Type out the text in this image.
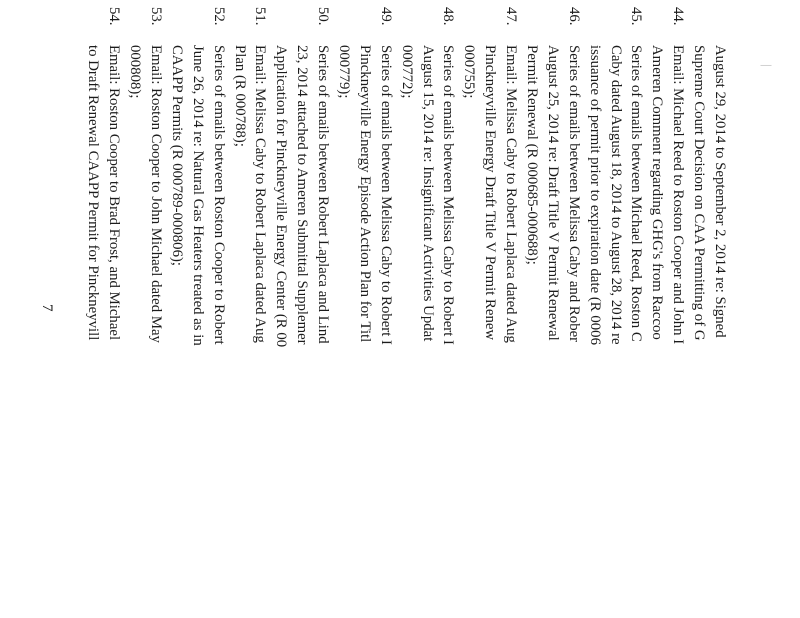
|
August 29, 2014 to September 2, 2014 re: Signed
Supreme Court Decision on CAA Permitting of G
44.
Email: Michael Reed to Roston Cooper and John I
Ameren Comment regarding GHG's from Raccoo
45.
Series of emails between Michael Reed, Roston C
Caby dated August 18, 2014 to August 28, 2014 re
issuance of permit prior to expiration date (R 0006
46.
Series of emails between Melissa Caby and Rober
August 25, 2014 re: Draft Title V Permit Renewal
Permit Renewal (R 000685-000688);
47.
Email: Melissa Caby to Robert Laplaca dated Aug
Pinckneyville Energy Draft Title V Permit Renew
000755);
48.
Series of emails between Melissa Caby to Robert I
August 15, 2014 re: Insignificant Activities Updat
000772);
49.
Series of emails between Melissa Caby to Robert I
Pinckneyville Energy Episode Action Plan for Titl
000779);
50.
Series of emails between Robert Laplaca and Lind
23, 2014 attached to Ameren Submittal Supplemer
Application for Pinckneyville Energy Center (R 00
51.
Email: Melissa Caby to Robert Laplaca dated Aug
Plan (R 000788);
52.
Series of emails between Roston Cooper to Robert
June 26, 2014 re: Natural Gas Heaters treated as in
CAAPP Permits (R 000789-000806);
53.
Email: Roston Cooper to John Michael dated May
000808);
54.
Email: Roston Cooper to Brad Frost, and Michael
to Draft Renewal CAAPP Permit for Pinckneyvill
7
